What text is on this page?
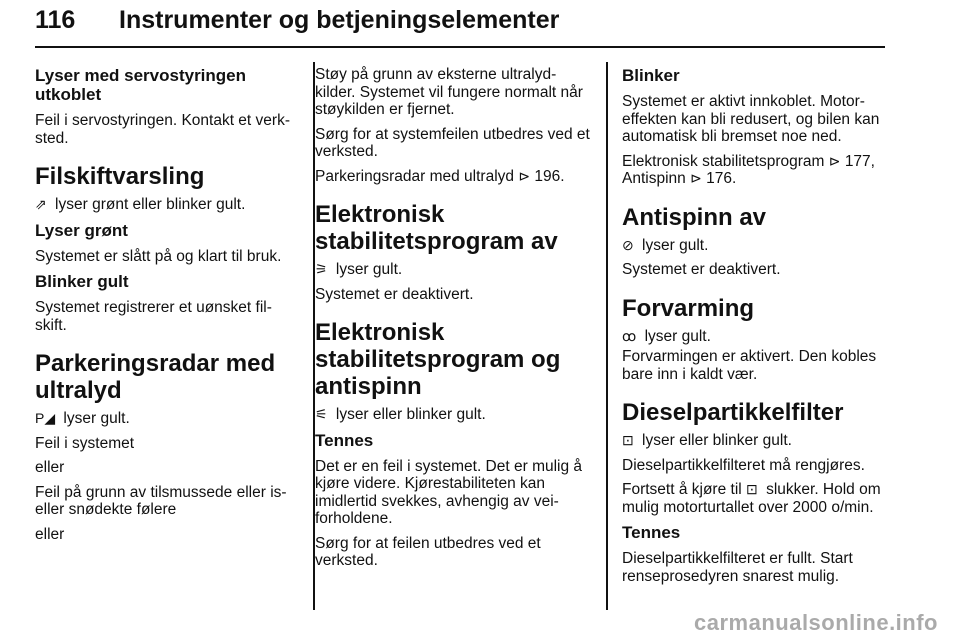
116 Instrumenter og betjeningselementer
Lyser med servostyringen utkoblet

Feil i servostyringen. Kontakt et verk-sted.

Filskiftvarsling

⇗ lyser grønt eller blinker gult.

Lyser grønt

Systemet er slått på og klart til bruk.

Blinker gult

Systemet registrerer et uønsket fil-skift.

Parkeringsradar med ultralyd

P◢ lyser gult.

Feil i systemet

eller

Feil på grunn av tilsmussede eller is- eller snødekte følere

eller

Støy på grunn av eksterne ultralyd-kilder. Systemet vil fungere normalt når støykilden er fjernet.

Sørg for at systemfeilen utbedres ved et verksted.

Parkeringsradar med ultralyd ⊳ 196.

Elektronisk stabilitetsprogram av

⚞ lyser gult.

Systemet er deaktivert.

Elektronisk stabilitetsprogram og antispinn

⚟ lyser eller blinker gult.

Tennes

Det er en feil i systemet. Det er mulig å kjøre videre. Kjørestabiliteten kan imidlertid svekkes, avhengig av vei-forholdene.

Sørg for at feilen utbedres ved et verksted.

Blinker

Systemet er aktivt innkoblet. Motor-effekten kan bli redusert, og bilen kan automatisk bli bremset noe ned.

Elektronisk stabilitetsprogram ⊳ 177,
Antispinn ⊳ 176.

Antispinn av

⊘ lyser gult.

Systemet er deaktivert.

Forvarming

ꝏ lyser gult.

Forvarmingen er aktivert. Den kobles bare inn i kaldt vær.

Dieselpartikkelfilter

⊡ lyser eller blinker gult.

Dieselpartikkelfilteret må rengjøres.

Fortsett å kjøre til ⊡ slukker. Hold om mulig motorturtallet over 2000 o/min.

Tennes

Dieselpartikkelfilteret er fullt. Start renseprosedyren snarest mulig.

carmanualsonline.info
